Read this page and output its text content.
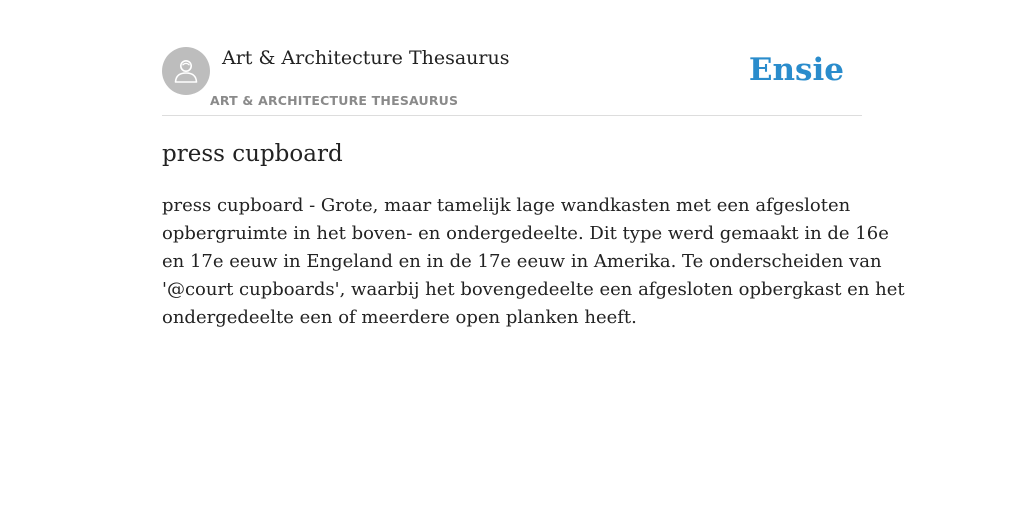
Art & Architecture Thesaurus
ART & ARCHITECTURE THESAURUS
Ensie
press cupboard
press cupboard - Grote, maar tamelijk lage wandkasten met een afgesloten
opbergruimte in het boven- en ondergedeelte. Dit type werd gemaakt in de 16e
en 17e eeuw in Engeland en in de 17e eeuw in Amerika. Te onderscheiden van
'@court cupboards', waarbij het bovengedeelte een afgesloten opbergkast en het
ondergedeelte een of meerdere open planken heeft.
